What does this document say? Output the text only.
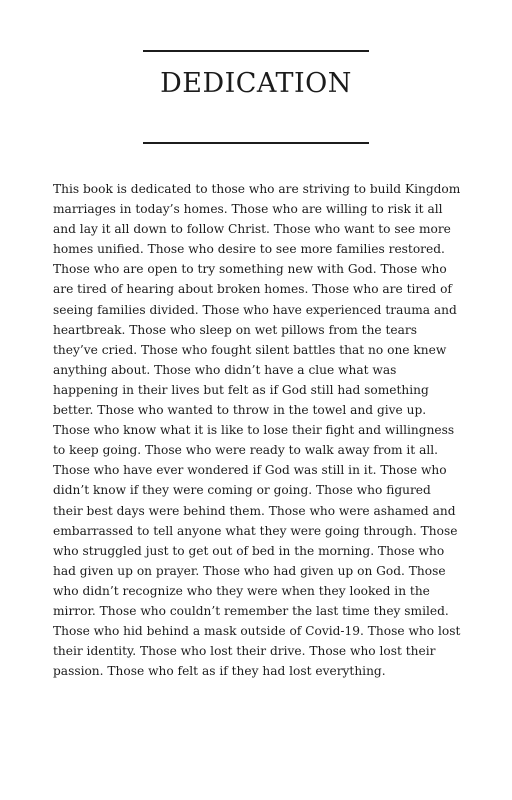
DEDICATION
This book is dedicated to those who are striving to build Kingdom
marriages in today’s homes. Those who are willing to risk it all
and lay it all down to follow Christ. Those who want to see more
homes unified. Those who desire to see more families restored.
Those who are open to try something new with God. Those who
are tired of hearing about broken homes. Those who are tired of
seeing families divided. Those who have experienced trauma and
heartbreak. Those who sleep on wet pillows from the tears
they’ve cried. Those who fought silent battles that no one knew
anything about. Those who didn’t have a clue what was
happening in their lives but felt as if God still had something
better. Those who wanted to throw in the towel and give up.
Those who know what it is like to lose their fight and willingness
to keep going. Those who were ready to walk away from it all.
Those who have ever wondered if God was still in it. Those who
didn’t know if they were coming or going. Those who figured
their best days were behind them. Those who were ashamed and
embarrassed to tell anyone what they were going through. Those
who struggled just to get out of bed in the morning. Those who
had given up on prayer. Those who had given up on God. Those
who didn’t recognize who they were when they looked in the
mirror. Those who couldn’t remember the last time they smiled.
Those who hid behind a mask outside of Covid-19. Those who lost
their identity. Those who lost their drive. Those who lost their
passion. Those who felt as if they had lost everything.
